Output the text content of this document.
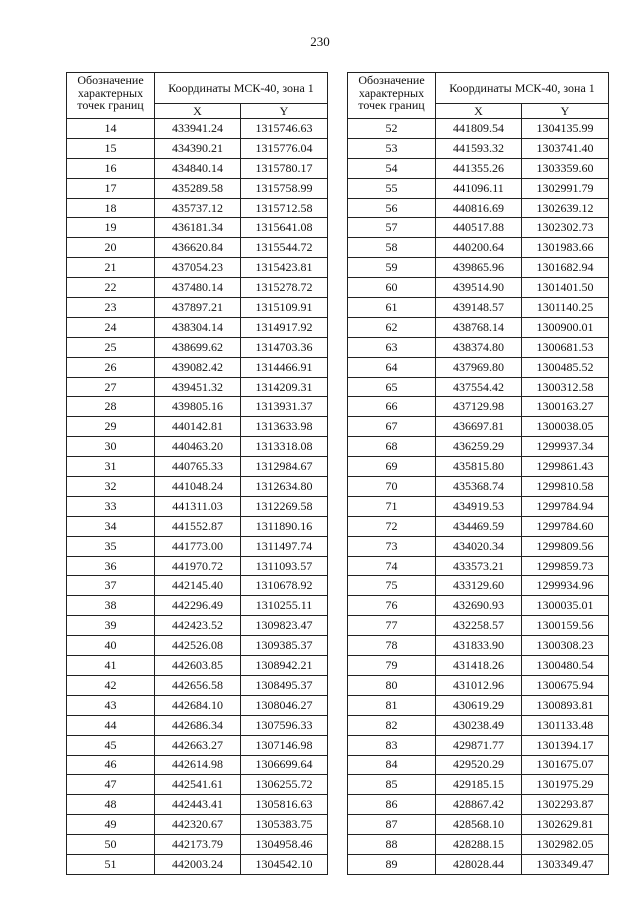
230
Обозначение характерных точек границ	Координаты МСК-40, зона 1	
	X	Y
14	433941.24	1315746.63
15	434390.21	1315776.04
16	434840.14	1315780.17
17	435289.58	1315758.99
18	435737.12	1315712.58
19	436181.34	1315641.08
20	436620.84	1315544.72
21	437054.23	1315423.81
22	437480.14	1315278.72
23	437897.21	1315109.91
24	438304.14	1314917.92
25	438699.62	1314703.36
26	439082.42	1314466.91
27	439451.32	1314209.31
28	439805.16	1313931.37
29	440142.81	1313633.98
30	440463.20	1313318.08
31	440765.33	1312984.67
32	441048.24	1312634.80
33	441311.03	1312269.58
34	441552.87	1311890.16
35	441773.00	1311497.74
36	441970.72	1311093.57
37	442145.40	1310678.92
38	442296.49	1310255.11
39	442423.52	1309823.47
40	442526.08	1309385.37
41	442603.85	1308942.21
42	442656.58	1308495.37
43	442684.10	1308046.27
44	442686.34	1307596.33
45	442663.27	1307146.98
46	442614.98	1306699.64
47	442541.61	1306255.72
48	442443.41	1305816.63
49	442320.67	1305383.75
50	442173.79	1304958.46
51	442003.24	1304542.10
Обозначение характерных точек границ	Координаты МСК-40, зона 1	
	X	Y
52	441809.54	1304135.99
53	441593.32	1303741.40
54	441355.26	1303359.60
55	441096.11	1302991.79
56	440816.69	1302639.12
57	440517.88	1302302.73
58	440200.64	1301983.66
59	439865.96	1301682.94
60	439514.90	1301401.50
61	439148.57	1301140.25
62	438768.14	1300900.01
63	438374.80	1300681.53
64	437969.80	1300485.52
65	437554.42	1300312.58
66	437129.98	1300163.27
67	436697.81	1300038.05
68	436259.29	1299937.34
69	435815.80	1299861.43
70	435368.74	1299810.58
71	434919.53	1299784.94
72	434469.59	1299784.60
73	434020.34	1299809.56
74	433573.21	1299859.73
75	433129.60	1299934.96
76	432690.93	1300035.01
77	432258.57	1300159.56
78	431833.90	1300308.23
79	431418.26	1300480.54
80	431012.96	1300675.94
81	430619.29	1300893.81
82	430238.49	1301133.48
83	429871.77	1301394.17
84	429520.29	1301675.07
85	429185.15	1301975.29
86	428867.42	1302293.87
87	428568.10	1302629.81
88	428288.15	1302982.05
89	428028.44	1303349.47
